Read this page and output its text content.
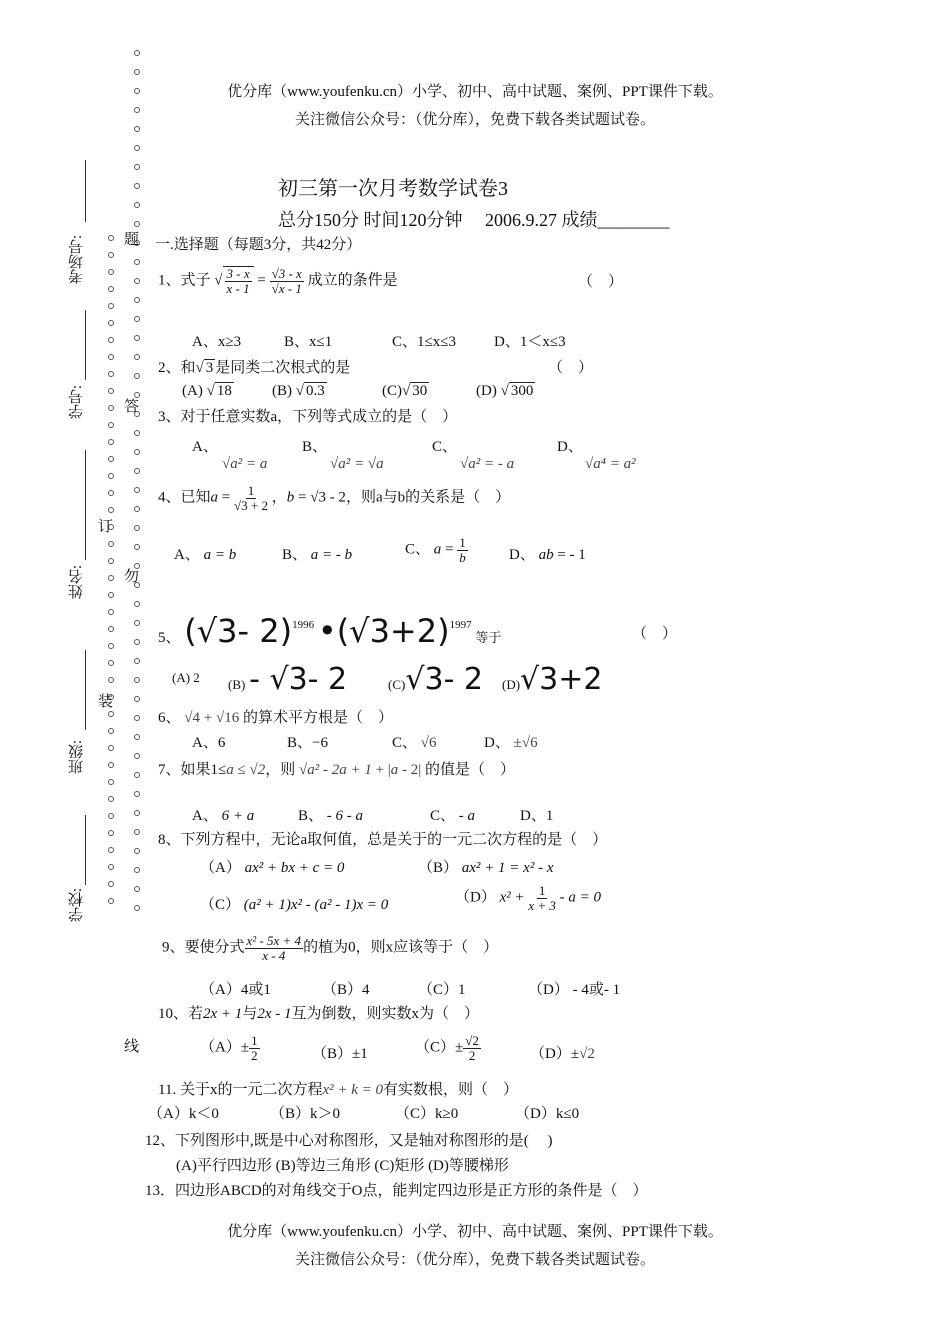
优分库（www.youfenku.cn）小学、初中、高中试题、案例、PPT课件下载。
关注微信公众号：（优分库），免费下载各类试题试卷。
优分库（www.youfenku.cn）小学、初中、高中试题、案例、PPT课件下载。
关注微信公众号：（优分库），免费下载各类试题试卷。
初三第一次月考数学试卷3
总分150分 时间120分钟　 2006.9.27 成绩________
题
答
订
勿
装
线
考场号:
学号:
姓名:
班级:
学校:
一.选择题（每题3分，共42分）
1、式子 √ $\frac{3 - x}{x - 1} = \frac{√3 - x}{√x - 1}$ 成立的条件是	（　）
A、x≥3	B、x≤1	C、1≤x≤3	D、1＜x≤3
2、和√ 3 是同类二次根式的是	（　）
(A) √ 18	(B) √ 0.3	(C)√ 30	(D) √ 300
3、对于任意实数a，下列等式成立的是（　）
A、
√a² = a
B、
√a² = √a
C、
√a² = - a
D、
√a⁴ = a²
4、已知$a = \frac{1}{√3 + 2}$ ，b = √3 - 2，则a与b的关系是（　）
A、 a = b	B、 a = - b	C、 $a = \frac{1}{b}$	D、 ab = - 1
5、 (√3- 2)$^{1996}$ $•(√3+2)^{1997}$ 等于	（　）
(A) 2 (B) - √3- 2	(C)√3- 2 (D)√3+2
6、 √4 + √16 的算术平方根是（　）
A、6	B、−6	C、 √6	D、 ±√6
7、如果1≤a ≤ √2，则 √a² - 2a + 1 + |a - 2| 的值是（　）
A、 6 + a	B、 - 6 - a	C、 - a	D、1
8、下列方程中，无论a取何值，总是关于的一元二次方程的是（　）
（A） ax² + bx + c = 0	（B） ax² + 1 = x² - x
（C） (a² + 1)x² - (a² - 1)x = 0	（D） $x^2 + \frac{1}{x + 3} - a = 0$
9、要使分式 $\frac{\text{x² - 5x + 4}}{x - 4}$ 的植为0，则x应该等于（　）
（A）4或1	（B）4	（C）1	（D） - 4或- 1
10、若2x + 1与2x - 1互为倒数，则实数x为（　）
$(A)\pm \frac{1}{2}$	（B）±1	$(C)\pm \frac{√2}{2}$	（D）±√2
11. 关于x的一元二次方程x² + k = 0有实数根，则（　）
（A）k＜0	（B）k＞0	（C）k≥0	（D）k≤0
12、下列图形中,既是中心对称图形，又是轴对称图形的是(　 )
(A)平行四边形 (B)等边三角形 (C)矩形 (D)等腰梯形
13．四边形ABCD的对角线交于O点，能判定四边形是正方形的条件是（　）
